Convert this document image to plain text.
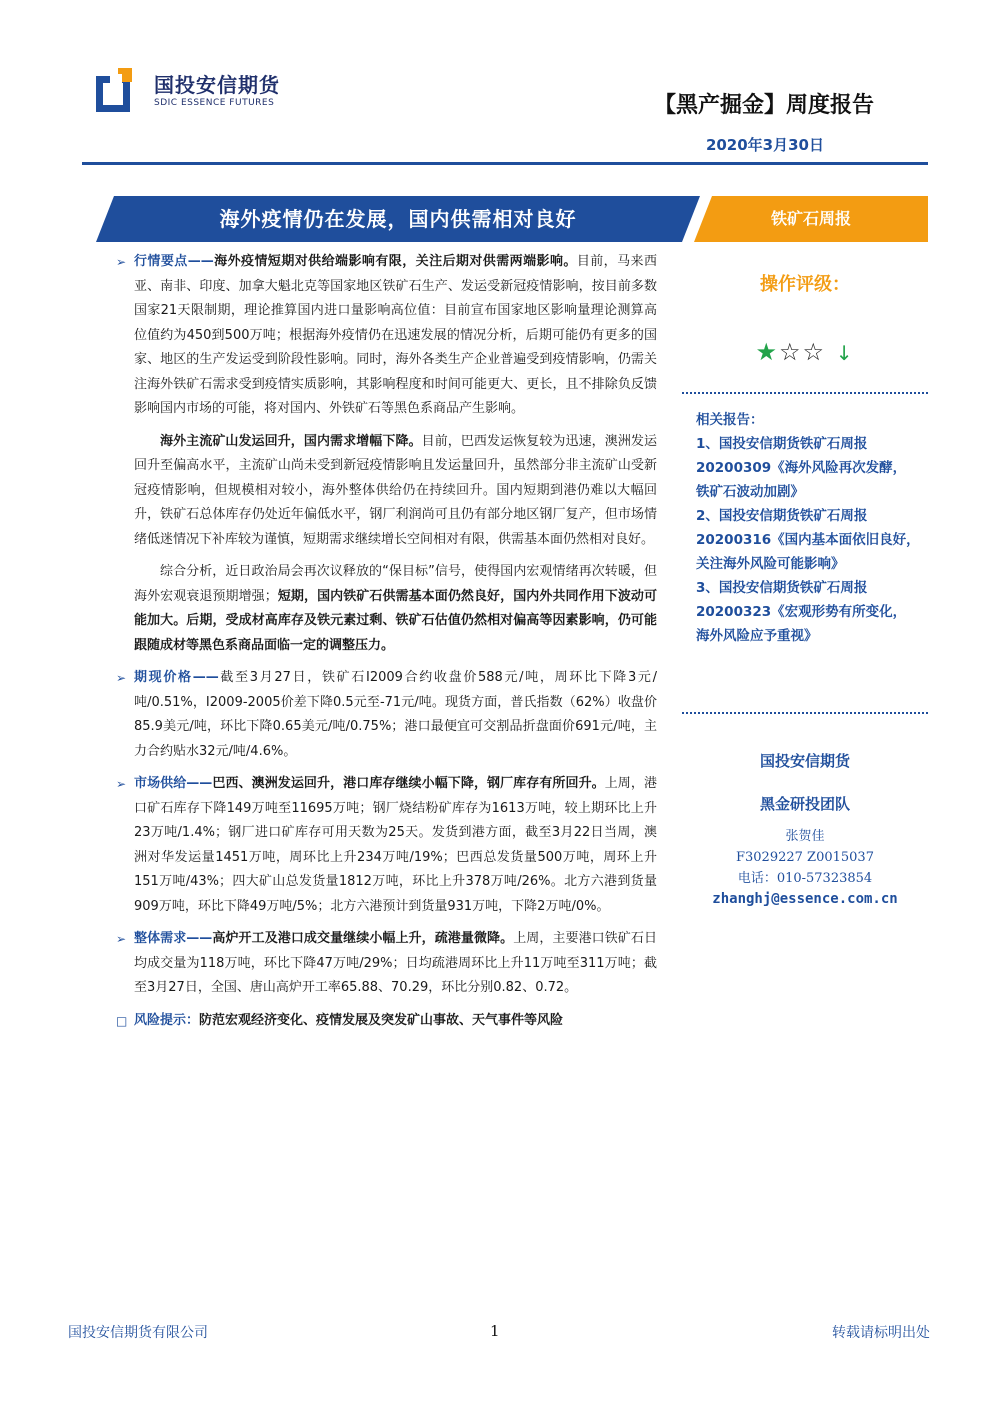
国投安信期货
SDIC ESSENCE FUTURES	【黑产掘金】周度报告
2020年3月30日
海外疫情仍在发展，国内供需相对良好	铁矿石周报
➢ 行情要点——海外疫情短期对供给端影响有限，关注后期对供需两端影响。目前，马来西亚、南非、印度、加拿大魁北克等国家地区铁矿石生产、发运受新冠疫情影响，按目前多数国家21天限制期，理论推算国内进口量影响高位值：目前宣布国家地区影响量理论测算高位值约为450到500万吨；根据海外疫情仍在迅速发展的情况分析，后期可能仍有更多的国家、地区的生产发运受到阶段性影响。同时，海外各类生产企业普遍受到疫情影响，仍需关注海外铁矿石需求受到疫情实质影响，其影响程度和时间可能更大、更长，且不排除负反馈影响国内市场的可能，将对国内、外铁矿石等黑色系商品产生影响。

海外主流矿山发运回升，国内需求增幅下降。目前，巴西发运恢复较为迅速，澳洲发运回升至偏高水平，主流矿山尚未受到新冠疫情影响且发运量回升，虽然部分非主流矿山受新冠疫情影响，但规模相对较小，海外整体供给仍在持续回升。国内短期到港仍难以大幅回升，铁矿石总体库存仍处近年偏低水平，钢厂利润尚可且仍有部分地区钢厂复产，但市场情绪低迷情况下补库较为谨慎，短期需求继续增长空间相对有限，供需基本面仍然相对良好。

综合分析，近日政治局会再次议释放的“保目标”信号，使得国内宏观情绪再次转暖，但海外宏观衰退预期增强；短期，国内铁矿石供需基本面仍然良好，国内外共同作用下波动可能加大。后期，受成材高库存及铁元素过剩、铁矿石估值仍然相对偏高等因素影响，仍可能跟随成材等黑色系商品面临一定的调整压力。

➢ 期现价格——截至3月27日，铁矿石I2009合约收盘价588元/吨，周环比下降3元/吨/0.51%，I2009-2005价差下降0.5元至-71元/吨。现货方面，普氏指数（62%）收盘价85.9美元/吨，环比下降0.65美元/吨/0.75%；港口最便宜可交割品折盘面价691元/吨，主力合约贴水32元/吨/4.6%。

➢ 市场供给——巴西、澳洲发运回升，港口库存继续小幅下降，钢厂库存有所回升。上周，港口矿石库存下降149万吨至11695万吨；钢厂烧结粉矿库存为1613万吨，较上期环比上升23万吨/1.4%；钢厂进口矿库存可用天数为25天。发货到港方面，截至3月22日当周，澳洲对华发运量1451万吨，周环比上升234万吨/19%；巴西总发货量500万吨，周环上升151万吨/43%；四大矿山总发货量1812万吨，环比上升378万吨/26%。北方六港到货量909万吨，环比下降49万吨/5%；北方六港预计到货量931万吨，下降2万吨/0%。

➢ 整体需求——高炉开工及港口成交量继续小幅上升，疏港量微降。上周，主要港口铁矿石日均成交量为118万吨，环比下降47万吨/29%；日均疏港周环比上升11万吨至311万吨；截至3月27日，全国、唐山高炉开工率65.88、70.29，环比分别0.82、0.72。

□ 风险提示：防范宏观经济变化、疫情发展及突发矿山事故、天气事件等风险

操作评级：
★☆☆ ↓
相关报告：
1、国投安信期货铁矿石周报
20200309《海外风险再次发酵，
铁矿石波动加剧》
2、国投安信期货铁矿石周报
20200316《国内基本面依旧良好，
关注海外风险可能影响》
3、国投安信期货铁矿石周报
20200323《宏观形势有所变化，
海外风险应予重视》
国投安信期货
黑金研投团队
张贺佳
F3029227 Z0015037
电话：010-57323854
zhanghj@essence.com.cn
国投安信期货有限公司	1	转载请标明出处
